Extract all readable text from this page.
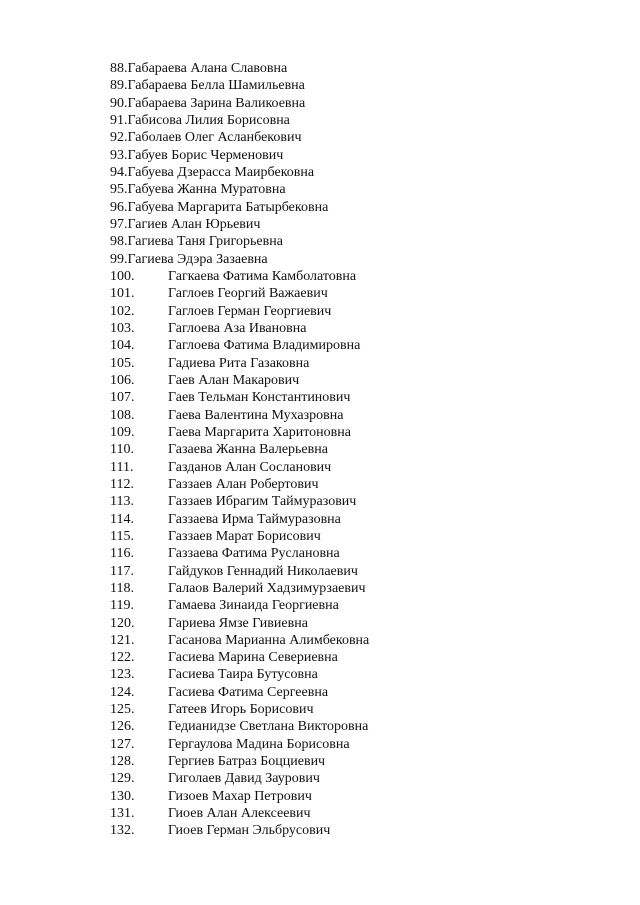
88. Габараева Алана Славовна
89. Габараева Белла Шамильевна
90. Габараева Зарина Валикоевна
91. Габисова Лилия Борисовна
92. Габолаев Олег Асланбекович
93. Габуев Борис Черменович
94. Габуева Дзерасса Маирбековна
95. Габуева Жанна Муратовна
96. Габуева Маргарита Батырбековна
97. Гагиев Алан Юрьевич
98. Гагиева Таня Григорьевна
99. Гагиева Эдэра Зазаевна
100.	Гагкаева Фатима Камболатовна
101.	Гаглоев Георгий Важаевич
102.	Гаглоев Герман Георгиевич
103.	Гаглоева Аза Ивановна
104.	Гаглоева Фатима Владимировна
105.	Гадиева Рита Газаковна
106.	Гаев Алан Макарович
107.	Гаев Тельман Константинович
108.	Гаева Валентина Мухазровна
109.	Гаева Маргарита Харитоновна
110.	Газаева Жанна Валерьевна
111.	Газданов Алан Сосланович
112.	Газзаев Алан Робертович
113.	Газзаев Ибрагим Таймуразович
114.	Газзаева Ирма Таймуразовна
115.	Газзаев Марат Борисович
116.	Газзаева Фатима Руслановна
117.	Гайдуков Геннадий Николаевич
118.	Галаов Валерий Хадзимурзаевич
119.	Гамаева Зинаида Георгиевна
120.	Гариева Ямзе Гивиевна
121.	Гасанова Марианна Алимбековна
122.	Гасиева Марина Севериевна
123.	Гасиева Таира Бутусовна
124.	Гасиева Фатима Сергеевна
125.	Гатеев Игорь Борисович
126.	Гедианидзе Светлана Викторовна
127.	Гергаулова Мадина Борисовна
128.	Гергиев Батраз Боцциевич
129.	Гиголаев Давид Заурович
130.	Гизоев Махар Петрович
131.	Гиоев Алан Алексеевич
132.	Гиоев Герман Эльбрусович
